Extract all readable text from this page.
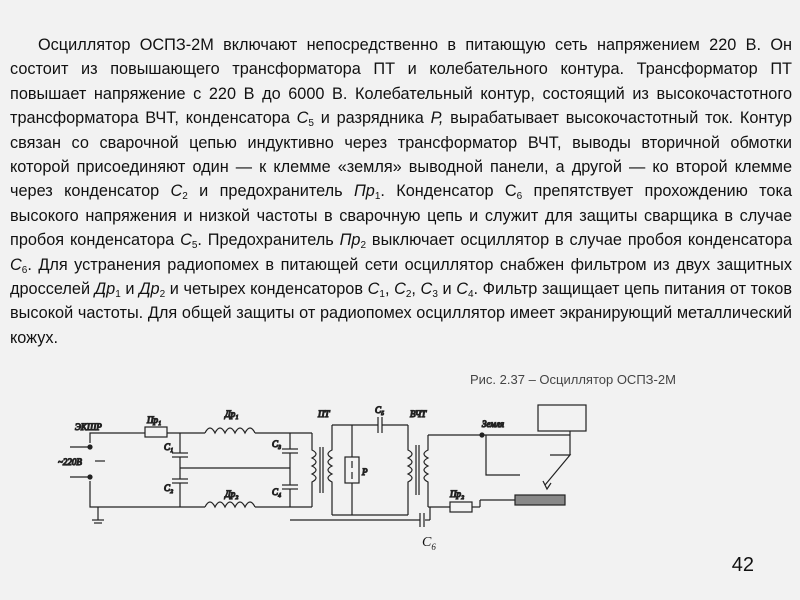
Осциллятор ОСПЗ-2М включают непосредственно в питающую сеть напряжением 220 В. Он состоит из повышающего трансформатора ПТ и колебательного контура. Трансформатор ПТ повышает напряжение с 220 В до 6000 В. Колебательный контур, состоящий из высокочастотного трансформатора ВЧТ, конденсатора $С_5$ и разрядника Р, вырабатывает высокочастотный ток. Контур связан со сварочной цепью индуктивно через трансформатор ВЧТ, выводы вторичной обмотки которой присоединяют один — к клемме «земля» выводной панели, а другой — ко второй клемме через конденсатор $С_2$ и предохранитель $Пр_1$. Конденсатор $С_6$ препятствует прохождению тока высокого напряжения и низкой частоты в сварочную цепь и служит для защиты сварщика в случае пробоя конденсатора $С_5$. Предохранитель $Пр_2$ выключает осциллятор в случае пробоя конденсатора $С_6$. Для устранения радиопомех в питающей сети осциллятор снабжен фильтром из двух защитных дросселей $Др_1$ и $Др_2$ и четырех конденсаторов $С_1$, $С_2$, $С_3$ и $С_4$. Фильтр защищает цепь питания от токов высокой частоты. Для общей защиты от радиопомех осциллятор имеет экранирующий металлический кожух.

Рис. 2.37 – Осциллятор ОСПЗ-2М
ЭКШР
~220В
Пр₁
Др₁
Др₂
С₁
С₂
С₃
С₄
ПТ	С₅
Р
ВЧТ
Земля
Пр₂
$С_6$
42
